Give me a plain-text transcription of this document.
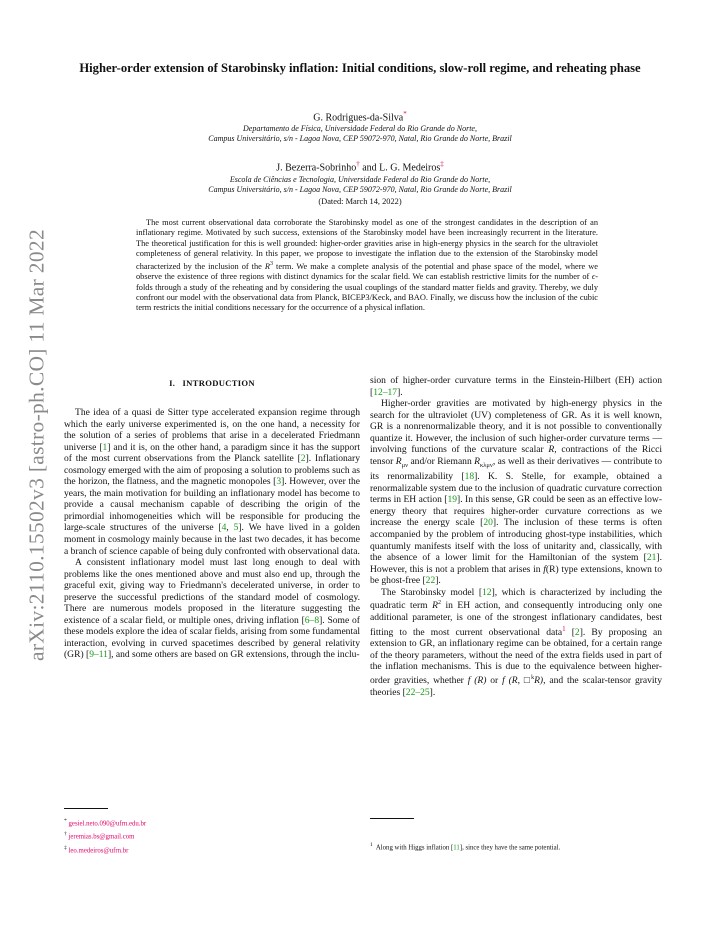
arXiv:2110.15502v3 [astro-ph.CO] 11 Mar 2022
Higher-order extension of Starobinsky inflation: Initial conditions, slow-roll regime, and reheating phase
G. Rodrigues-da-Silva*
Departamento de Física, Universidade Federal do Rio Grande do Norte,
Campus Universitário, s/n - Lagoa Nova, CEP 59072-970, Natal, Rio Grande do Norte, Brazil
J. Bezerra-Sobrinho† and L. G. Medeiros‡
Escola de Ciências e Tecnologia, Universidade Federal do Rio Grande do Norte,
Campus Universitário, s/n - Lagoa Nova, CEP 59072-970, Natal, Rio Grande do Norte, Brazil
(Dated: March 14, 2022)
The most current observational data corroborate the Starobinsky model as one of the strongest candidates in the description of an inflationary regime. Motivated by such success, extensions of the Starobinsky model have been increasingly recurrent in the literature. The theoretical justification for this is well grounded: higher-order gravities arise in high-energy physics in the search for the ultraviolet completeness of general relativity. In this paper, we propose to investigate the inflation due to the extension of the Starobinsky model characterized by the inclusion of the $R^3$ term. We make a complete analysis of the potential and phase space of the model, where we observe the existence of three regions with distinct dynamics for the scalar field. We can establish restrictive limits for the number of ϵ-folds through a study of the reheating and by considering the usual couplings of the standard matter fields and gravity. Thereby, we duly confront our model with the observational data from Planck, BICEP3/Keck, and BAO. Finally, we discuss how the inclusion of the cubic term restricts the initial conditions necessary for the occurrence of a physical inflation.
I.   INTRODUCTION

The idea of a quasi de Sitter type accelerated expansion regime through which the early universe experimented is, on the one hand, a necessity for the solution of a series of problems that arise in a decelerated Friedmann universe [1] and it is, on the other hand, a paradigm since it has the support of the most current observations from the Planck satellite [2]. Inflationary cosmology emerged with the aim of proposing a solution to problems such as the horizon, the flatness, and the magnetic monopoles [3]. However, over the years, the main motivation for building an inflationary model has become to provide a causal mechanism capable of describing the origin of the primordial inhomogeneities which will be responsible for producing the large-scale structures of the universe [4, 5]. We have lived in a golden moment in cosmology mainly because in the last two decades, it has become a branch of science capable of being duly confronted with observational data.

A consistent inflationary model must last long enough to deal with problems like the ones mentioned above and must also end up, through the graceful exit, giving way to Friedmann's decelerated universe, in order to preserve the successful predictions of the standard model of cosmology. There are numerous models proposed in the literature suggesting the existence of a scalar field, or multiple ones, driving inflation [6–8]. Some of these models explore the idea of scalar fields, arising from some fundamental interaction, evolving in curved spacetimes described by general relativity (GR) [9–11], and some others are based on GR extensions, through the inclu-

sion of higher-order curvature terms in the Einstein-Hilbert (EH) action [12–17].

Higher-order gravities are motivated by high-energy physics in the search for the ultraviolet (UV) completeness of GR. As it is well known, GR is a nonrenormalizable theory, and it is not possible to conventionally quantize it. However, the inclusion of such higher-order curvature terms — involving functions of the curvature scalar R, contractions of the Ricci tensor $R_{\mu\nu}$ and/or Riemann $R_{\kappa\lambda\mu\nu}$, as well as their derivatives — contribute to its renormalizability [18]. K. S. Stelle, for example, obtained a renormalizable system due to the inclusion of quadratic curvature correction terms in EH action [19]. In this sense, GR could be seen as an effective low-energy theory that requires higher-order curvature corrections as we increase the energy scale [20]. The inclusion of these terms is often accompanied by the problem of introducing ghost-type instabilities, which quantumly manifests itself with the loss of unitarity and, classically, with the absence of a lower limit for the Hamiltonian of the system [21]. However, this is not a problem that arises in f(R) type extensions, known to be ghost-free [22].

The Starobinsky model [12], which is characterized by including the quadratic term $R^2$ in EH action, and consequently introducing only one additional parameter, is one of the strongest inflationary candidates, best fitting to the most current observational data$^1$ [2]. By proposing an extension to GR, an inflationary regime can be obtained, for a certain range of the theory parameters, without the need of the extra fields used in part of the inflation mechanisms. This is due to the equivalence between higher-order gravities, whether f (R) or f (R, □$^k$R), and the scalar-tensor gravity theories [22–25].

* gesiel.neto.090@ufrn.edu.br
† jeremias.bs@gmail.com
‡ leo.medeiros@ufrn.br
$^1$ Along with Higgs inflation [11], since they have the same potential.
